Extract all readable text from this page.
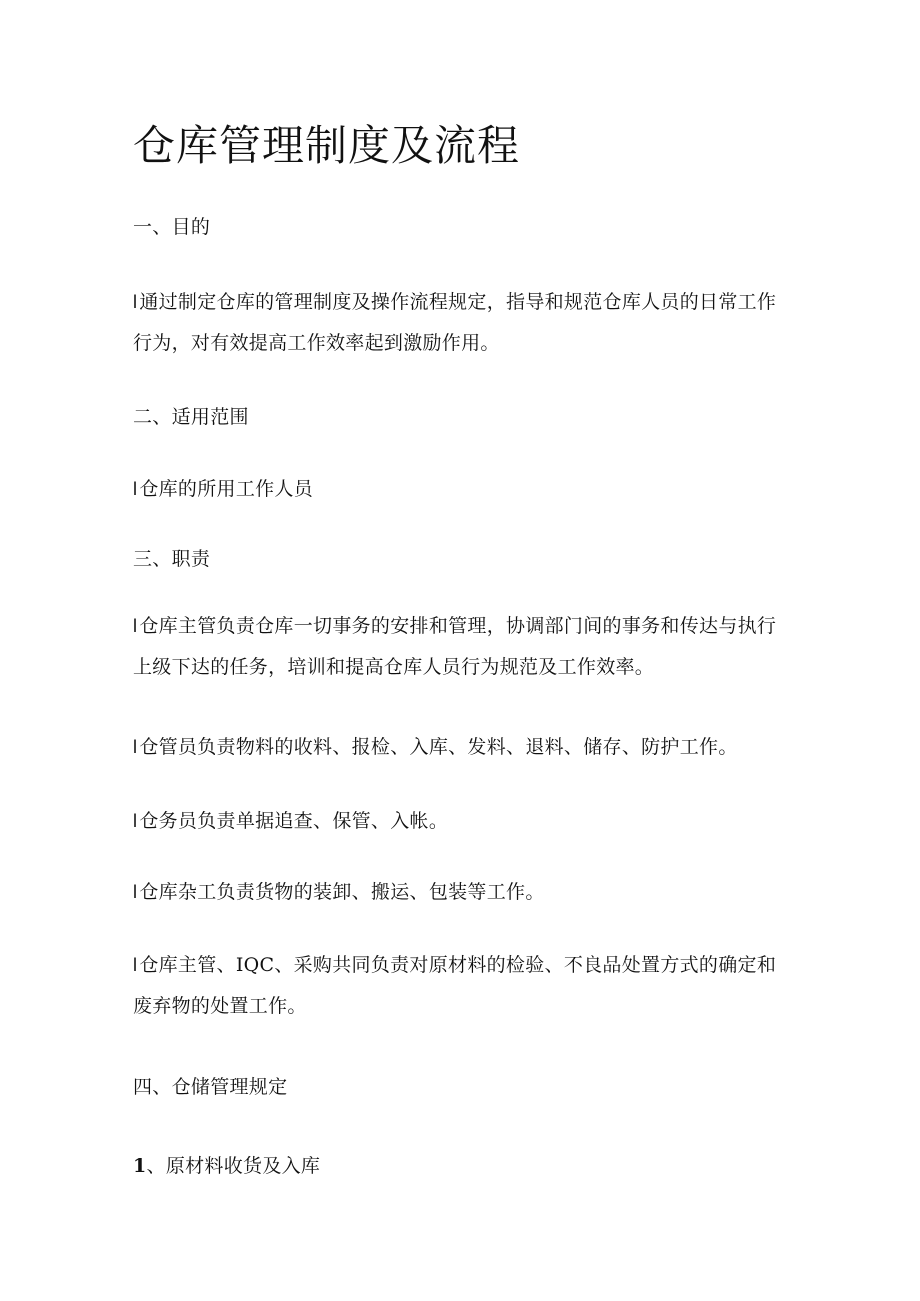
仓库管理制度及流程

一、目的

l 通过制定仓库的管理制度及操作流程规定，指导和规范仓库人员的日常工作行为，对有效提高工作效率起到激励作用。

二、适用范围

l 仓库的所用工作人员

三、职责

l 仓库主管负责仓库一切事务的安排和管理，协调部门间的事务和传达与执行上级下达的任务，培训和提高仓库人员行为规范及工作效率。

l 仓管员负责物料的收料、报检、入库、发料、退料、储存、防护工作。

l 仓务员负责单据追查、保管、入帐。

l 仓库杂工负责货物的装卸、搬运、包装等工作。

l 仓库主管、IQC、采购共同负责对原材料的检验、不良品处置方式的确定和废弃物的处置工作。

四、仓储管理规定

1、原材料收货及入库
